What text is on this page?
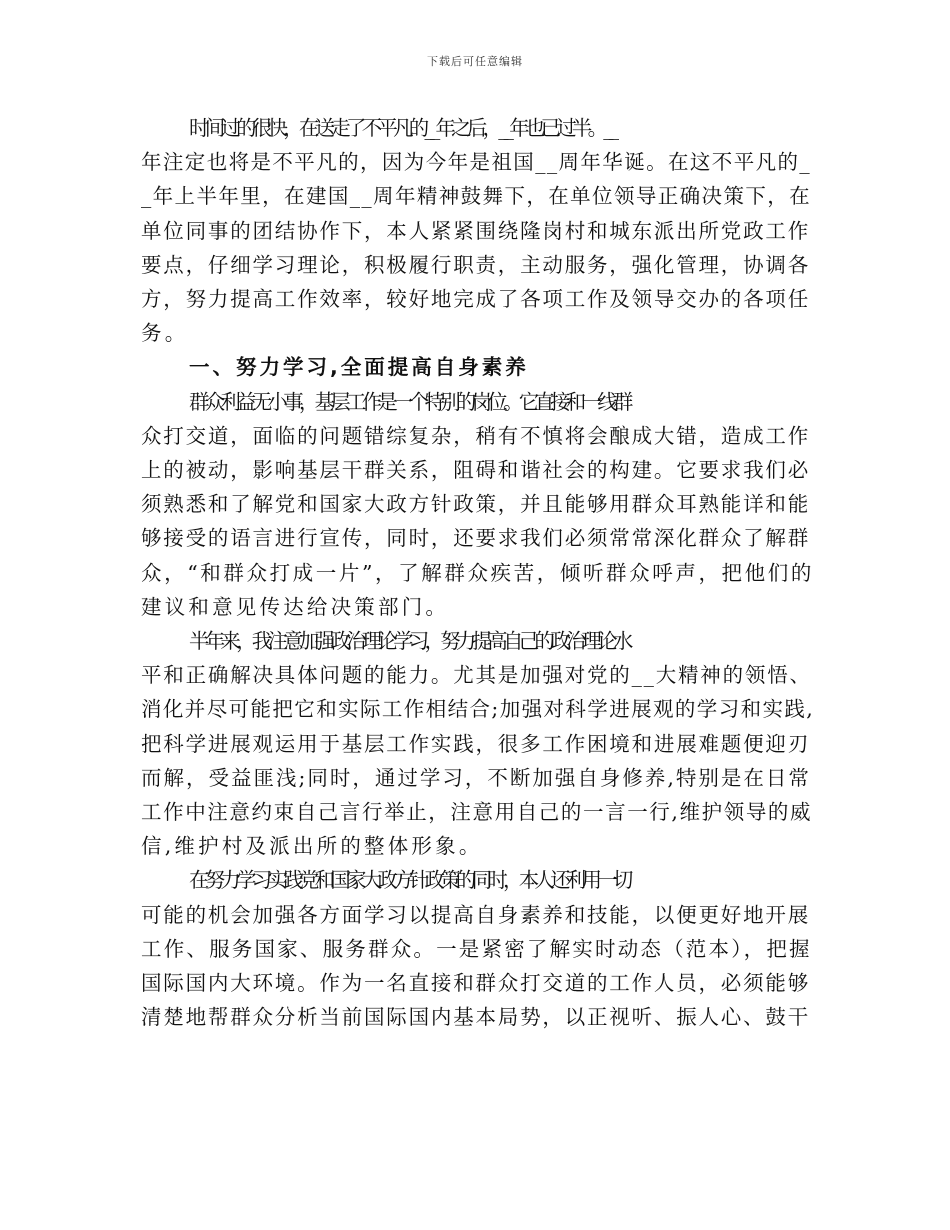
下载后可任意编辑
时间过的很快，在送走了不平凡的__年之后，__年也已过半。__
年注定也将是不平凡的，因为今年是祖国__周年华诞。在这不平凡的_
_年上半年里，在建国__周年精神鼓舞下，在单位领导正确决策下，在
单位同事的团结协作下，本人紧紧围绕隆岗村和城东派出所党政工作
要点，仔细学习理论，积极履行职责，主动服务，强化管理，协调各
方，努力提高工作效率，较好地完成了各项工作及领导交办的各项任
务。
一、努力学习,全面提高自身素养
群众利益无小事，基层工作是一个特别的岗位。它直接和一线群
众打交道，面临的问题错综复杂，稍有不慎将会酿成大错，造成工作
上的被动，影响基层干群关系，阻碍和谐社会的构建。它要求我们必
须熟悉和了解党和国家大政方针政策，并且能够用群众耳熟能详和能
够接受的语言进行宣传，同时，还要求我们必须常常深化群众了解群
众，“和群众打成一片”，了解群众疾苦，倾听群众呼声，把他们的
建议和意见传达给决策部门。
半年来，我注意加强政治理论学习，努力提高自己的政治理论水
平和正确解决具体问题的能力。尤其是加强对党的__大精神的领悟、
消化并尽可能把它和实际工作相结合;加强对科学进展观的学习和实践,
把科学进展观运用于基层工作实践，很多工作困境和进展难题便迎刃
而解，受益匪浅;同时，通过学习，不断加强自身修养,特别是在日常
工作中注意约束自己言行举止，注意用自己的一言一行,维护领导的威
信,维护村及派出所的整体形象。
在努力学习实践党和国家大政方针政策的同时，本人还利用一切
可能的机会加强各方面学习以提高自身素养和技能，以便更好地开展
工作、服务国家、服务群众。一是紧密了解实时动态（范本），把握
国际国内大环境。作为一名直接和群众打交道的工作人员，必须能够
清楚地帮群众分析当前国际国内基本局势，以正视听、振人心、鼓干
